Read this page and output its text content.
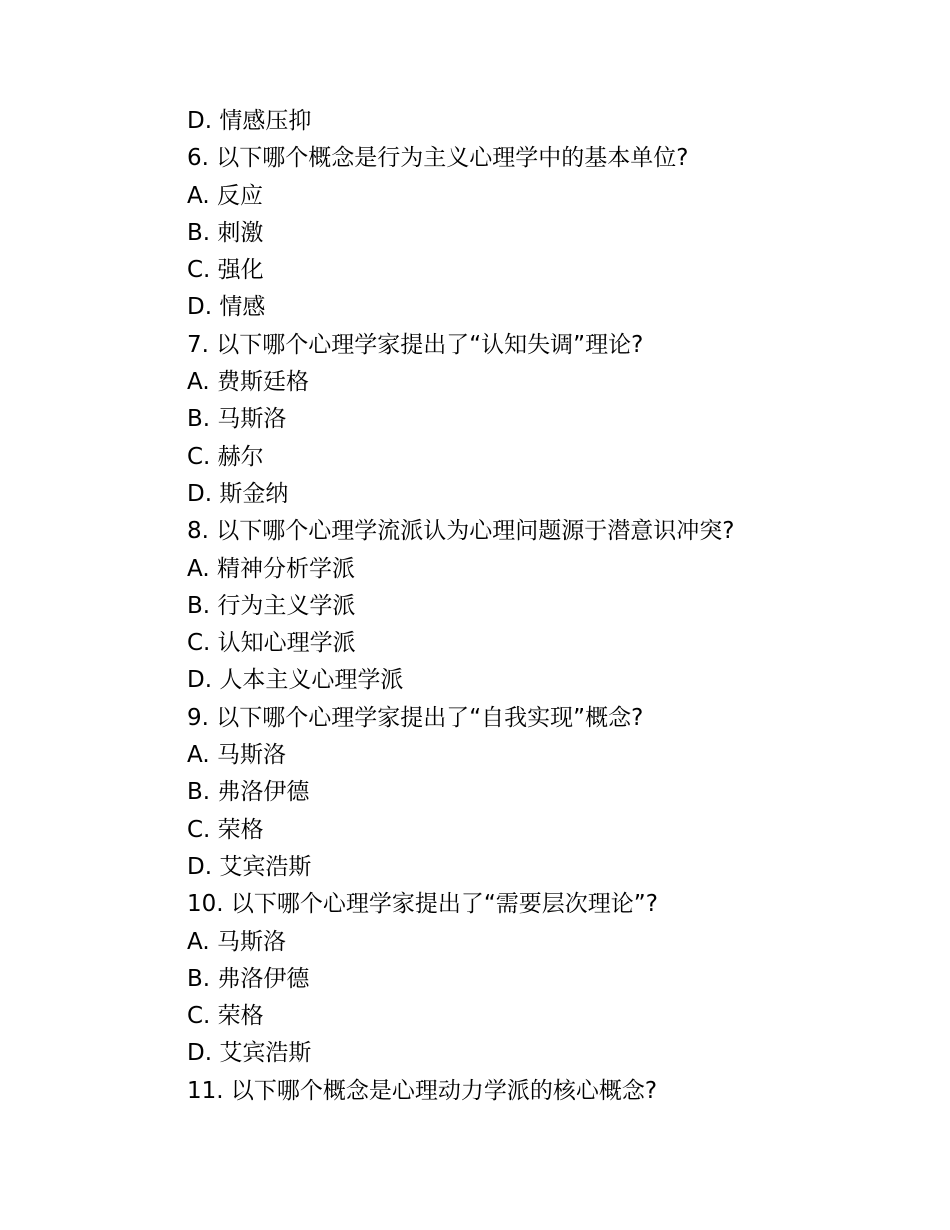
D. 情感压抑
6. 以下哪个概念是行为主义心理学中的基本单位?
A. 反应
B. 刺激
C. 强化
D. 情感
7. 以下哪个心理学家提出了“认知失调”理论?
A. 费斯廷格
B. 马斯洛
C. 赫尔
D. 斯金纳
8. 以下哪个心理学流派认为心理问题源于潜意识冲突?
A. 精神分析学派
B. 行为主义学派
C. 认知心理学派
D. 人本主义心理学派
9. 以下哪个心理学家提出了“自我实现”概念?
A. 马斯洛
B. 弗洛伊德
C. 荣格
D. 艾宾浩斯
10. 以下哪个心理学家提出了“需要层次理论”?
A. 马斯洛
B. 弗洛伊德
C. 荣格
D. 艾宾浩斯
11. 以下哪个概念是心理动力学派的核心概念?
